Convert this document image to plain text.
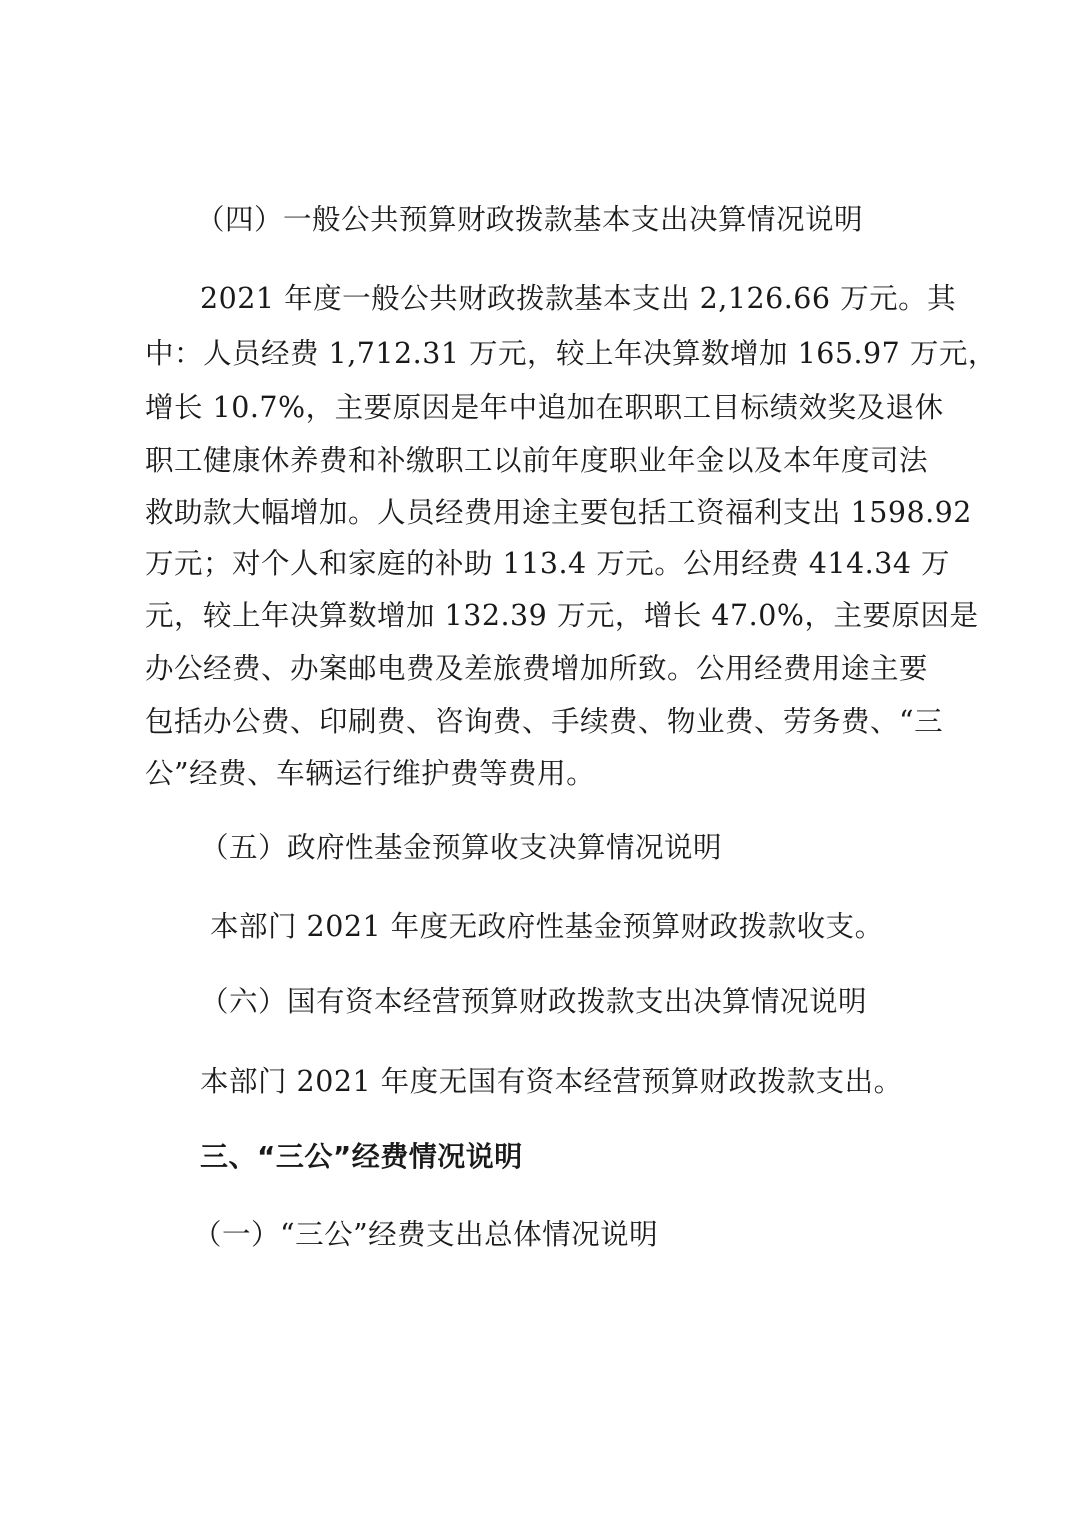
（四）一般公共预算财政拨款基本支出决算情况说明
2021 年度一般公共财政拨款基本支出 2,126.66 万元。其
中：人员经费 1,712.31 万元，较上年决算数增加 165.97 万元，
增长 10.7%，主要原因是年中追加在职职工目标绩效奖及退休
职工健康休养费和补缴职工以前年度职业年金以及本年度司法
救助款大幅增加。人员经费用途主要包括工资福利支出 1598.92
万元；对个人和家庭的补助 113.4 万元。公用经费 414.34 万
元，较上年决算数增加 132.39 万元，增长 47.0%，主要原因是
办公经费、办案邮电费及差旅费增加所致。公用经费用途主要
包括办公费、印刷费、咨询费、手续费、物业费、劳务费、“三
公”经费、车辆运行维护费等费用。
（五）政府性基金预算收支决算情况说明
本部门 2021 年度无政府性基金预算财政拨款收支。
（六）国有资本经营预算财政拨款支出决算情况说明
本部门 2021 年度无国有资本经营预算财政拨款支出。
三、“三公”经费情况说明
（一）“三公”经费支出总体情况说明
